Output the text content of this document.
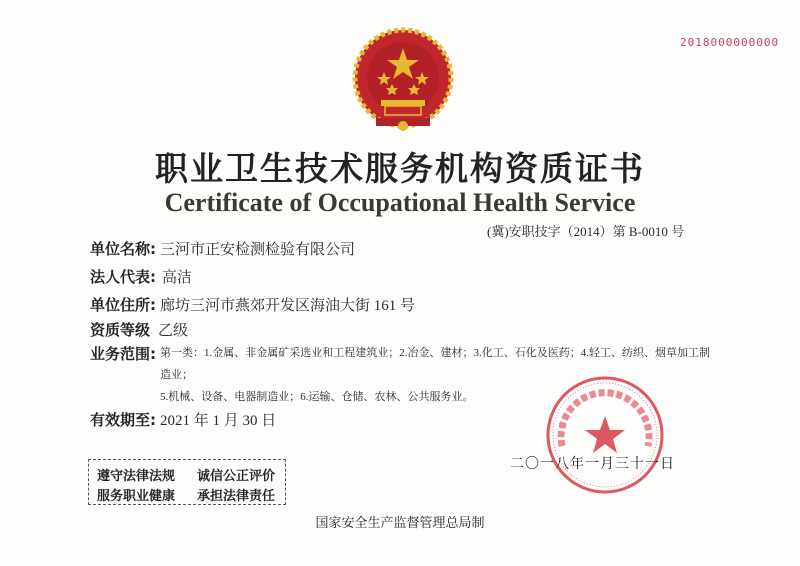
2018000000000
职业卫生技术服务机构资质证书
Certificate of Occupational Health Service
(冀)安职技字（2014）第 B-0010 号
单位名称: 三河市正安检测检验有限公司
法人代表: 高洁
单位住所: 廊坊三河市燕郊开发区海油大街 161 号
资质等级 乙级
业务范围: 第一类：1.金属、非金属矿采选业和工程建筑业；2.冶金、建材；3.化工、石化及医药；4.轻工、纺织、烟草加工制造业；
5.机械、设备、电器制造业；6.运输、仓储、农林、公共服务业。
有效期至: 2021 年 1 月 30 日
遵守法律法规 诚信公正评价
服务职业健康 承担法律责任
二〇一八年一月三十一日
国家安全生产监督管理总局制
